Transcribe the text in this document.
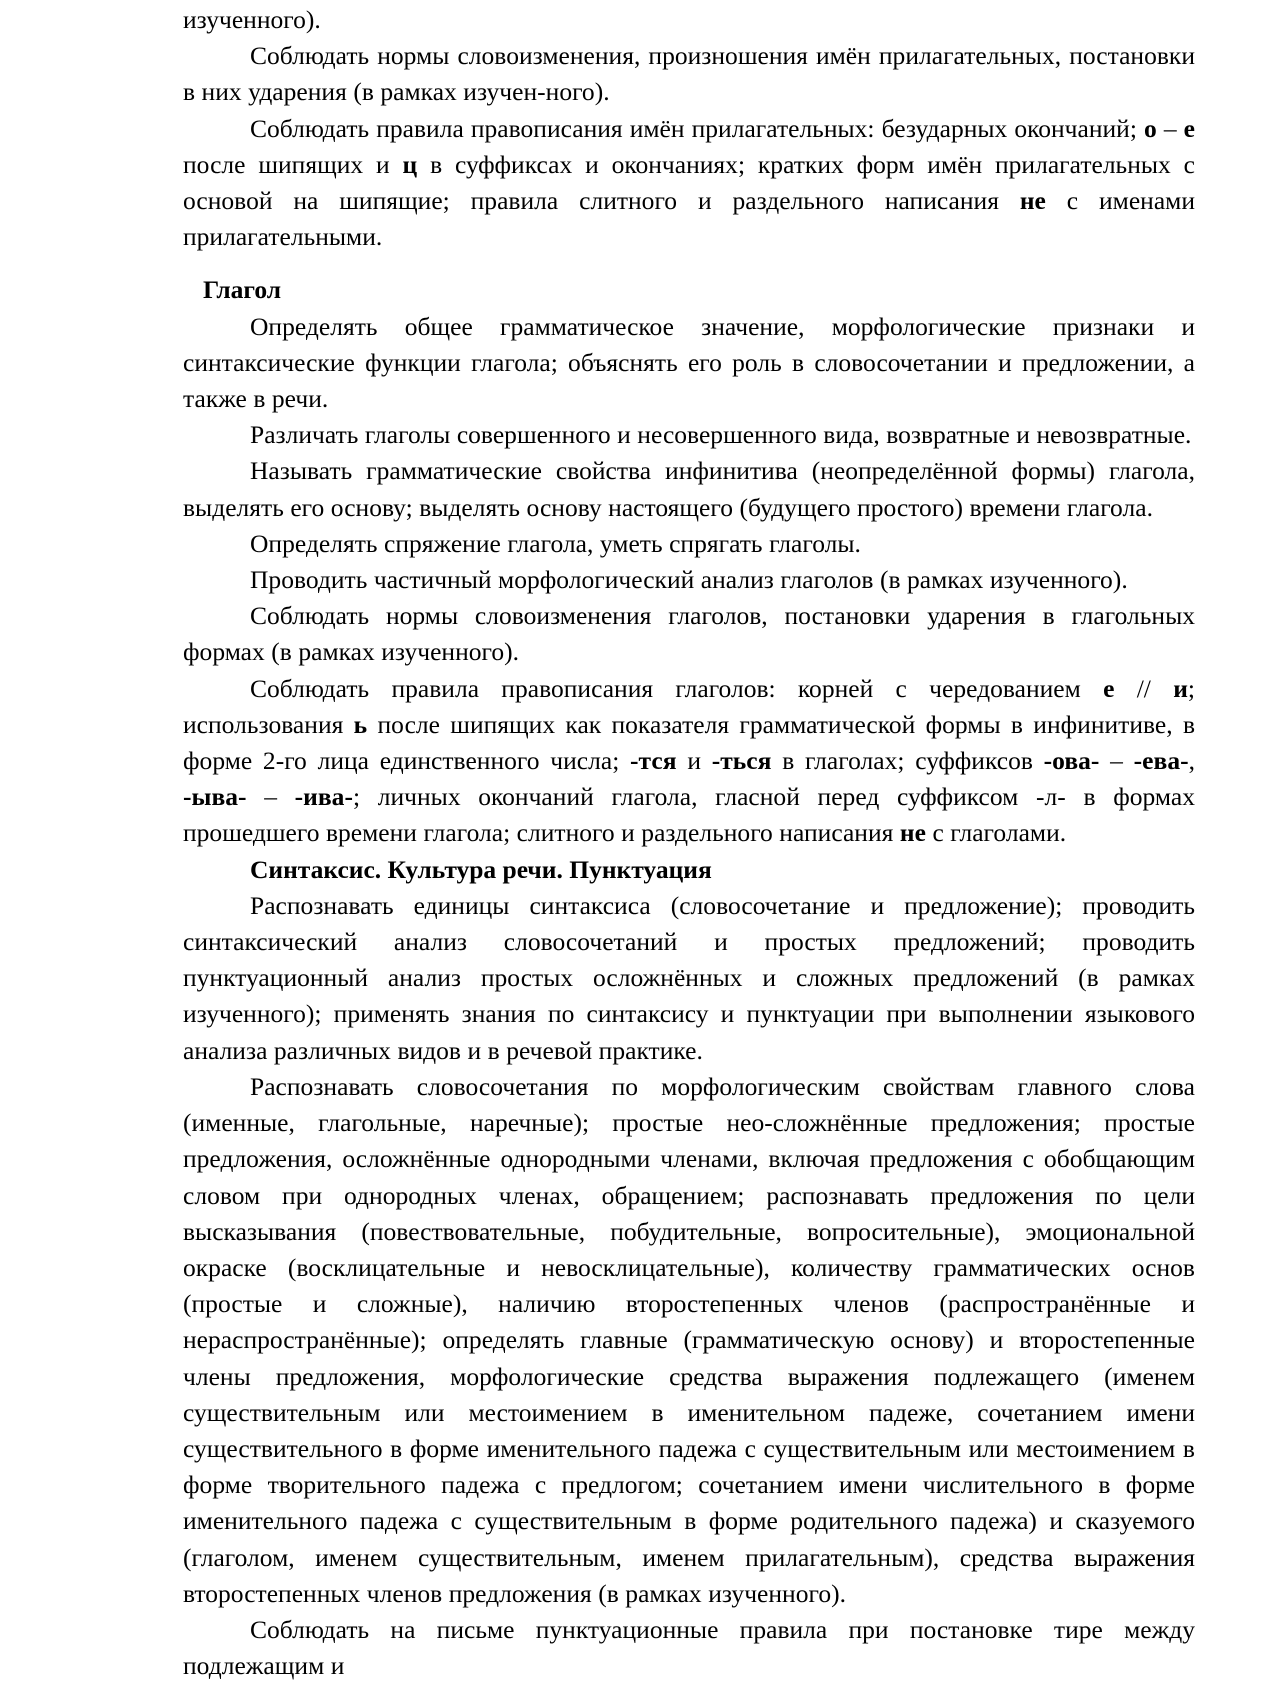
изученного).

Соблюдать нормы словоизменения, произношения имён прилагательных, постановки в них ударения (в рамках изучен-ного).

Соблюдать правила правописания имён прилагательных: безударных окончаний; о – е после шипящих и ц в суффиксах и окончаниях; кратких форм имён прилагательных с основой на шипящие; правила слитного и раздельного написания не с именами прилагательными.

Глагол

Определять общее грамматическое значение, морфологические признаки и синтаксические функции глагола; объяснять его роль в словосочетании и предложении, а также в речи.

Различать глаголы совершенного и несовершенного вида, возвратные и невозвратные.

Называть грамматические свойства инфинитива (неопределённой формы) глагола, выделять его основу; выделять основу настоящего (будущего простого) времени глагола.

Определять спряжение глагола, уметь спрягать глаголы.

Проводить частичный морфологический анализ глаголов (в рамках изученного).

Соблюдать нормы словоизменения глаголов, постановки ударения в глагольных формах (в рамках изученного).

Соблюдать правила правописания глаголов: корней с чередованием е // и; использования ь после шипящих как показателя грамматической формы в инфинитиве, в форме 2-го лица единственного числа; -тся и -ться в глаголах; суффиксов -ова- – -ева-, -ыва- – -ива-; личных окончаний глагола, гласной перед суффиксом -л- в формах прошедшего времени глагола; слитного и раздельного написания не с глаголами.

Синтаксис. Культура речи. Пунктуация

Распознавать единицы синтаксиса (словосочетание и предложение); проводить синтаксический анализ словосочетаний и простых предложений; проводить пунктуационный анализ простых осложнённых и сложных предложений (в рамках изученного); применять знания по синтаксису и пунктуации при выполнении языкового анализа различных видов и в речевой практике.

Распознавать словосочетания по морфологическим свойствам главного слова (именные, глагольные, наречные); простые нео-сложнённые предложения; простые предложения, осложнённые однородными членами, включая предложения с обобщающим словом при однородных членах, обращением; распознавать предложения по цели высказывания (повествовательные, побудительные, вопросительные), эмоциональной окраске (восклицательные и невосклицательные), количеству грамматических основ (простые и сложные), наличию второстепенных членов (распространённые и нераспространённые); определять главные (грамматическую основу) и второстепенные члены предложения, морфологические средства выражения подлежащего (именем существительным или местоимением в именительном падеже, сочетанием имени существительного в форме именительного падежа с существительным или местоимением в форме творительного падежа с предлогом; сочетанием имени числительного в форме именительного падежа с существительным в форме родительного падежа) и сказуемого (глаголом, именем существительным, именем прилагательным), средства выражения второстепенных членов предложения (в рамках изученного).

Соблюдать на письме пунктуационные правила при постановке тире между подлежащим и
